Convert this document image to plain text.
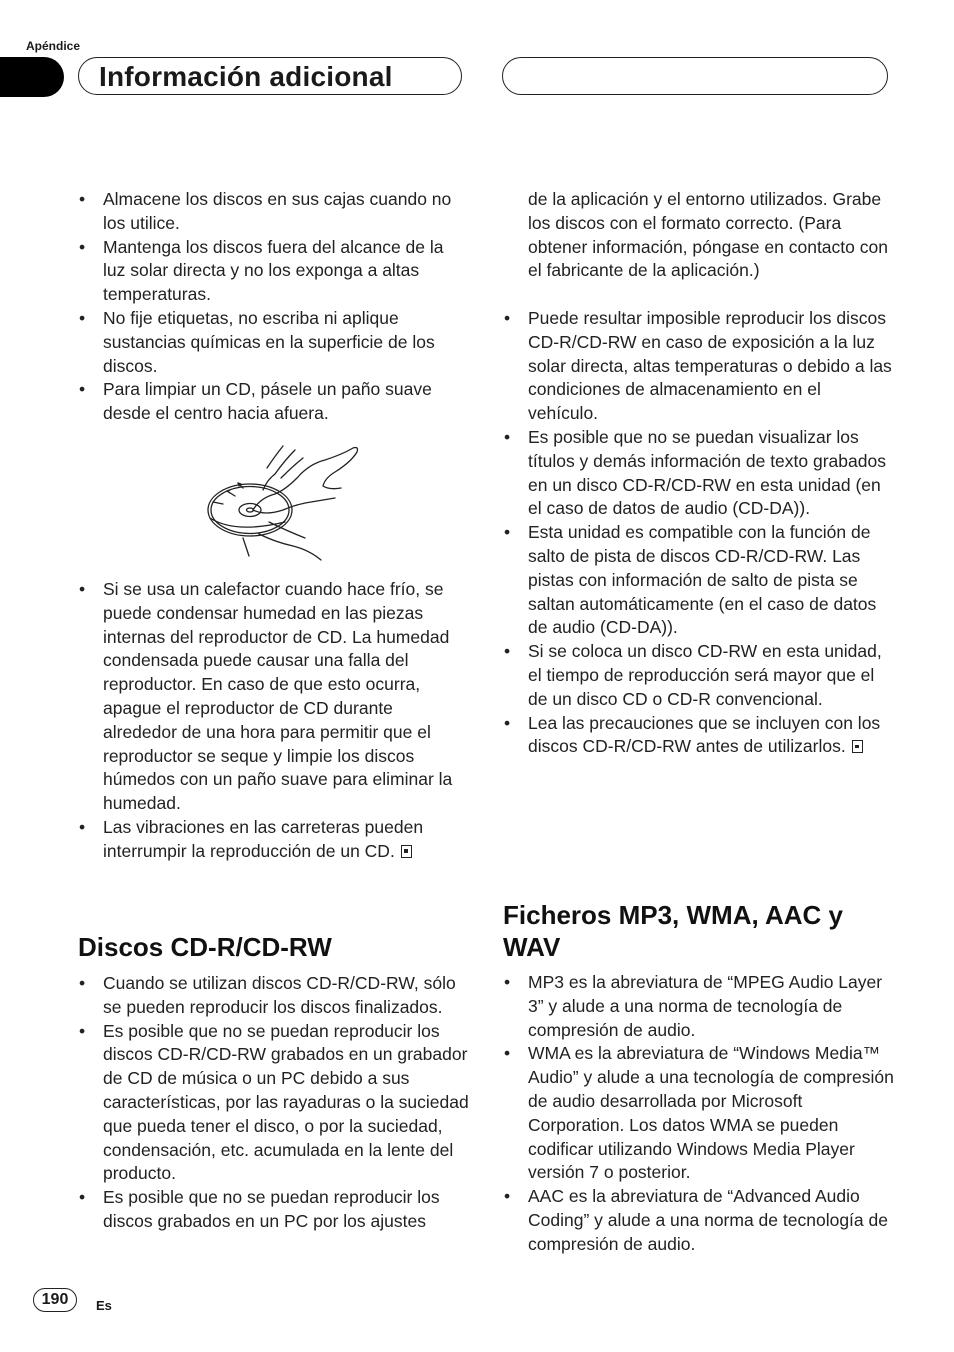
Apéndice
Información adicional
• Almacene los discos en sus cajas cuando no los utilice.
• Mantenga los discos fuera del alcance de la luz solar directa y no los exponga a altas temperaturas.
• No fije etiquetas, no escriba ni aplique sustancias químicas en la superficie de los discos.
• Para limpiar un CD, pásele un paño suave desde el centro hacia afuera.
• Si se usa un calefactor cuando hace frío, se puede condensar humedad en las piezas internas del reproductor de CD. La humedad condensada puede causar una falla del reproductor. En caso de que esto ocurra, apague el reproductor de CD durante alrededor de una hora para permitir que el reproductor se seque y limpie los discos húmedos con un paño suave para eliminar la humedad.
• Las vibraciones en las carreteras pueden interrumpir la reproducción de un CD.
Discos CD-R/CD-RW
• Cuando se utilizan discos CD-R/CD-RW, sólo se pueden reproducir los discos finalizados.
• Es posible que no se puedan reproducir los discos CD-R/CD-RW grabados en un grabador de CD de música o un PC debido a sus características, por las rayaduras o la suciedad que pueda tener el disco, o por la suciedad, condensación, etc. acumulada en la lente del producto.
• Es posible que no se puedan reproducir los discos grabados en un PC por los ajustes
de la aplicación y el entorno utilizados. Grabe los discos con el formato correcto. (Para obtener información, póngase en contacto con el fabricante de la aplicación.)
• Puede resultar imposible reproducir los discos CD-R/CD-RW en caso de exposición a la luz solar directa, altas temperaturas o debido a las condiciones de almacenamiento en el vehículo.
• Es posible que no se puedan visualizar los títulos y demás información de texto grabados en un disco CD-R/CD-RW en esta unidad (en el caso de datos de audio (CD-DA)).
• Esta unidad es compatible con la función de salto de pista de discos CD-R/CD-RW. Las pistas con información de salto de pista se saltan automáticamente (en el caso de datos de audio (CD-DA)).
• Si se coloca un disco CD-RW en esta unidad, el tiempo de reproducción será mayor que el de un disco CD o CD-R convencional.
• Lea las precauciones que se incluyen con los discos CD-R/CD-RW antes de utilizarlos.
Ficheros MP3, WMA, AAC y WAV
• MP3 es la abreviatura de “MPEG Audio Layer 3” y alude a una norma de tecnología de compresión de audio.
• WMA es la abreviatura de “Windows Media™ Audio” y alude a una tecnología de compresión de audio desarrollada por Microsoft Corporation. Los datos WMA se pueden codificar utilizando Windows Media Player versión 7 o posterior.
• AAC es la abreviatura de “Advanced Audio Coding” y alude a una norma de tecnología de compresión de audio.
190	Es
